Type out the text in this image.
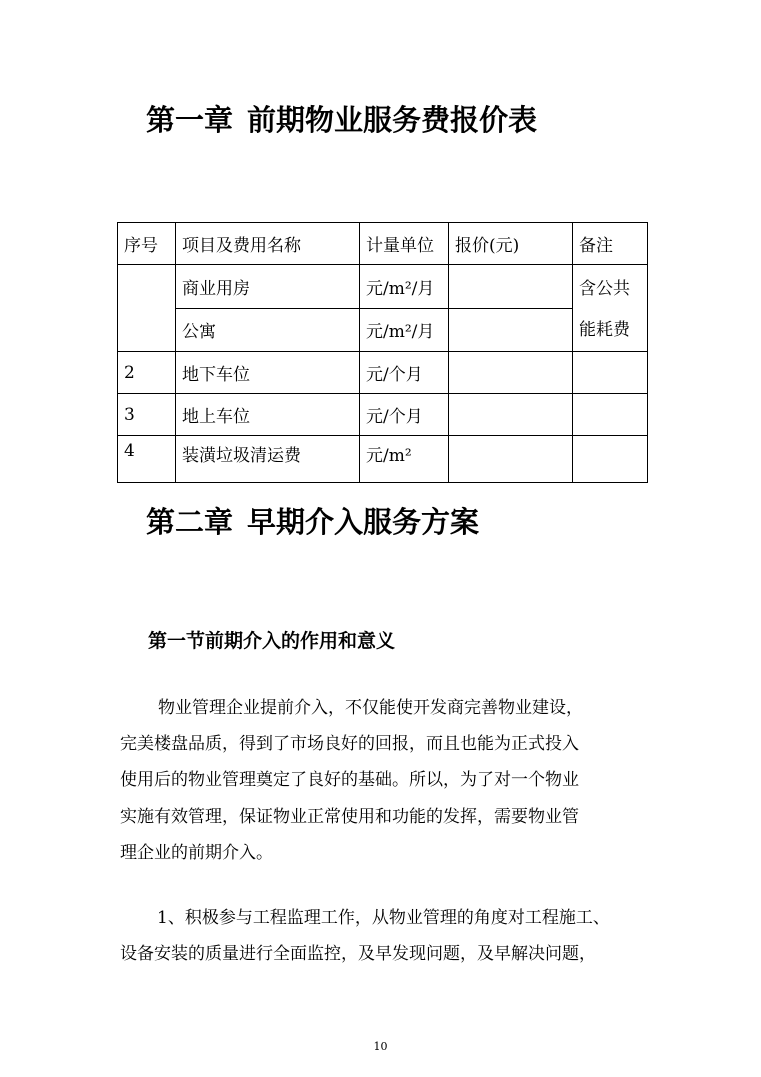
第一章 前期物业服务费报价表
序号	项目及费用名称	计量单位	报价(元)	备注
	商业用房	元/m²/月		含公共
能耗费
	公寓	元/m²/月		
2	地下车位	元/个月		
3	地上车位	元/个月		
4	装潢垃圾清运费	元/m²		
第二章 早期介入服务方案
第一节前期介入的作用和意义
物业管理企业提前介入，不仅能使开发商完善物业建设，
完美楼盘品质，得到了市场良好的回报，而且也能为正式投入
使用后的物业管理奠定了良好的基础。所以，为了对一个物业
实施有效管理，保证物业正常使用和功能的发挥，需要物业管
理企业的前期介入。
1、积极参与工程监理工作，从物业管理的角度对工程施工、
设备安装的质量进行全面监控，及早发现问题，及早解决问题，
10
